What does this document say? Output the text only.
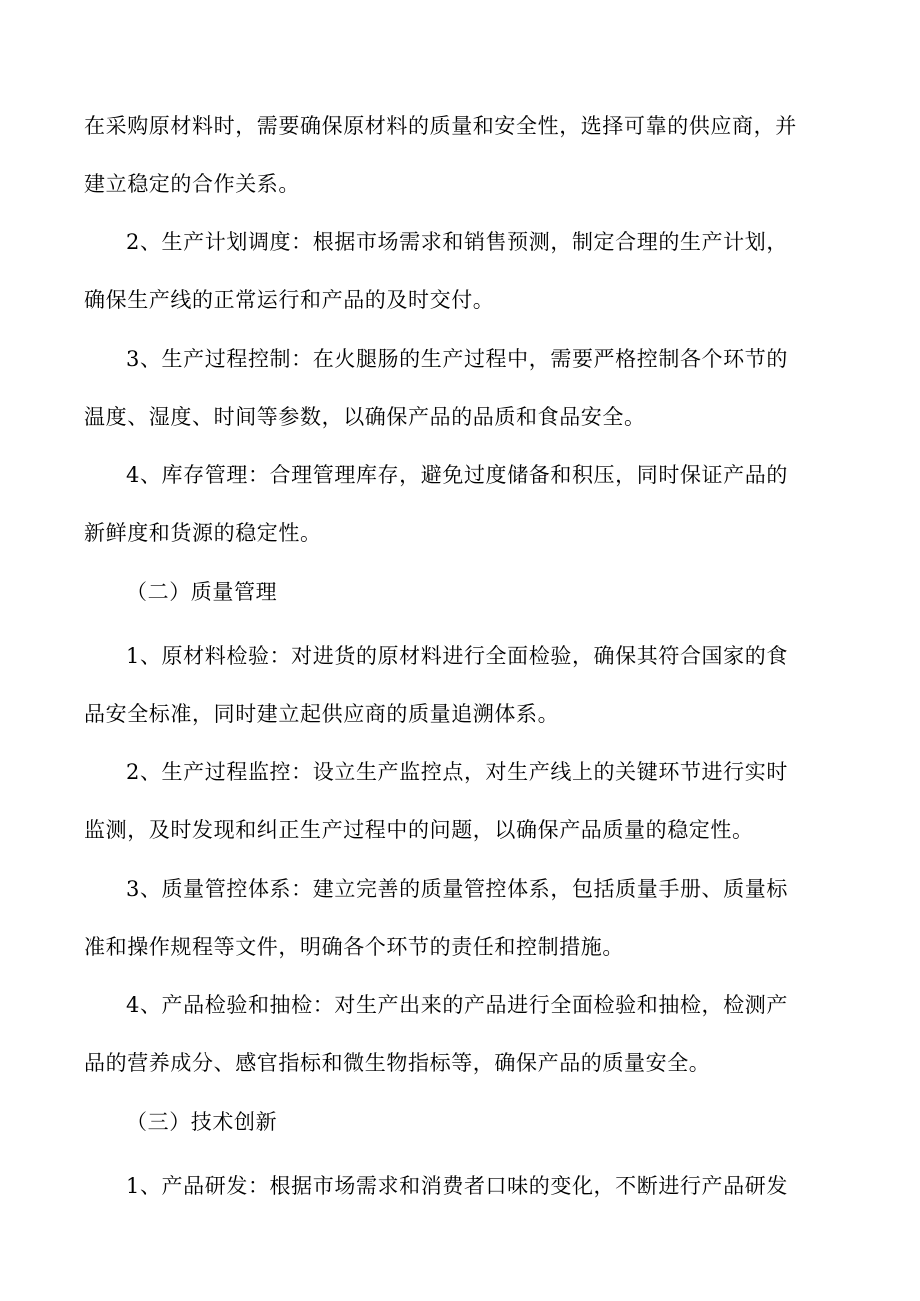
在采购原材料时，需要确保原材料的质量和安全性，选择可靠的供应商，并
建立稳定的合作关系。

2、生产计划调度：根据市场需求和销售预测，制定合理的生产计划，
确保生产线的正常运行和产品的及时交付。

3、生产过程控制：在火腿肠的生产过程中，需要严格控制各个环节的
温度、湿度、时间等参数，以确保产品的品质和食品安全。

4、库存管理：合理管理库存，避免过度储备和积压，同时保证产品的
新鲜度和货源的稳定性。

（二）质量管理

1、原材料检验：对进货的原材料进行全面检验，确保其符合国家的食
品安全标准，同时建立起供应商的质量追溯体系。

2、生产过程监控：设立生产监控点，对生产线上的关键环节进行实时
监测，及时发现和纠正生产过程中的问题，以确保产品质量的稳定性。

3、质量管控体系：建立完善的质量管控体系，包括质量手册、质量标
准和操作规程等文件，明确各个环节的责任和控制措施。

4、产品检验和抽检：对生产出来的产品进行全面检验和抽检，检测产
品的营养成分、感官指标和微生物指标等，确保产品的质量安全。

（三）技术创新

1、产品研发：根据市场需求和消费者口味的变化，不断进行产品研发
